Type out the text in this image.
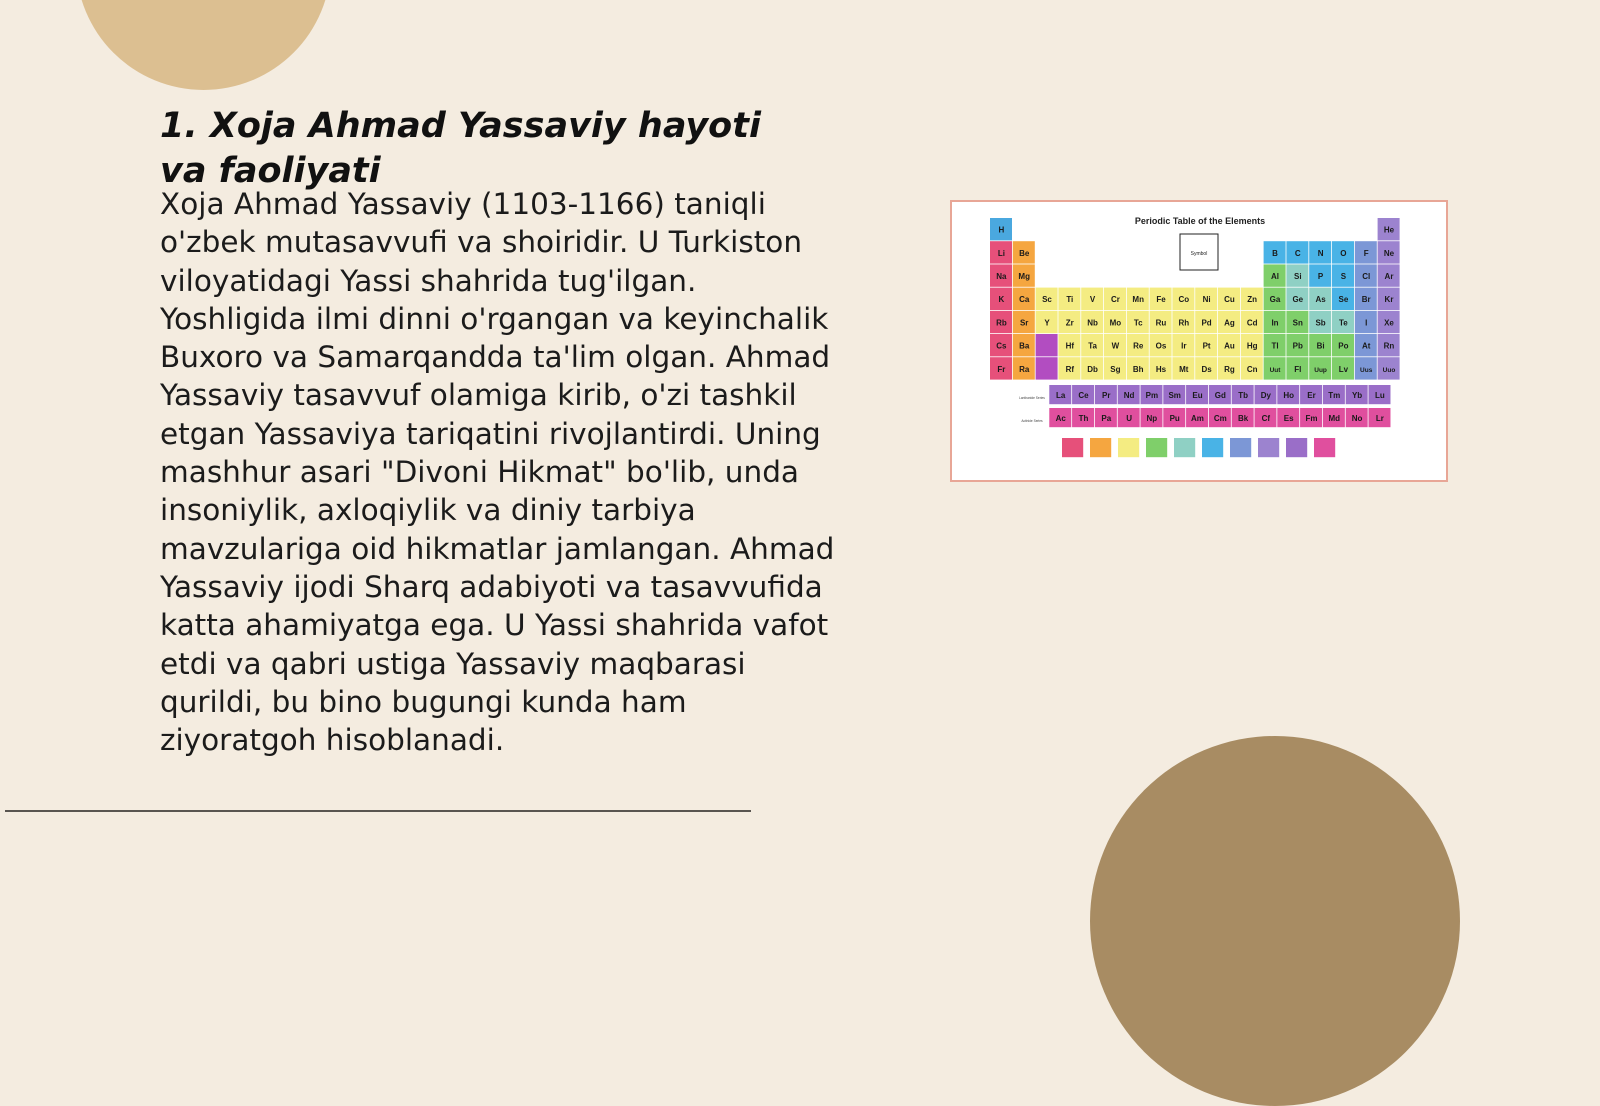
1. Xoja Ahmad Yassaviy hayoti va faoliyati

Xoja Ahmad Yassaviy (1103-1166) taniqli o'zbek mutasavvufi va shoiridir. U Turkiston viloyatidagi Yassi shahrida tug'ilgan. Yoshligida ilmi dinni o'rgangan va keyinchalik Buxoro va Samarqandda ta'lim olgan. Ahmad Yassaviy tasavvuf olamiga kirib, o'zi tashkil etgan Yassaviya tariqatini rivojlantirdi. Uning mashhur asari "Divoni Hikmat" bo'lib, unda insoniylik, axloqiylik va diniy tarbiya mavzulariga oid hikmatlar jamlangan. Ahmad Yassaviy ijodi Sharq adabiyoti va tasavvufida katta ahamiyatga ega. U Yassi shahrida vafot etdi va qabri ustiga Yassaviy maqbarasi qurildi, bu bino bugungi kunda ham ziyoratgoh hisoblanadi.

Periodic Table of the Elements
Symbol
Lanthanide Series
Actinide Series
H	He
Li Be	B C N O F Ne
Na Mg	Al Si P S Cl Ar
K Ca Sc Ti V Cr Mn Fe Co Ni Cu Zn Ga Ge As Se Br Kr
Rb Sr Y Zr Nb Mo Tc Ru Rh Pd Ag Cd In Sn Sb Te I Xe
Cs Ba	Hf Ta W Re Os Ir Pt Au Hg Tl Pb Bi Po At Rn
Fr Ra	Rf Db Sg Bh Hs Mt Ds Rg Cn Uut Fl Uup Lv Uus Uuo
La Ce Pr Nd Pm Sm Eu Gd Tb Dy Ho Er Tm Yb Lu
Ac Th Pa U Np Pu Am Cm Bk Cf Es Fm Md No Lr
